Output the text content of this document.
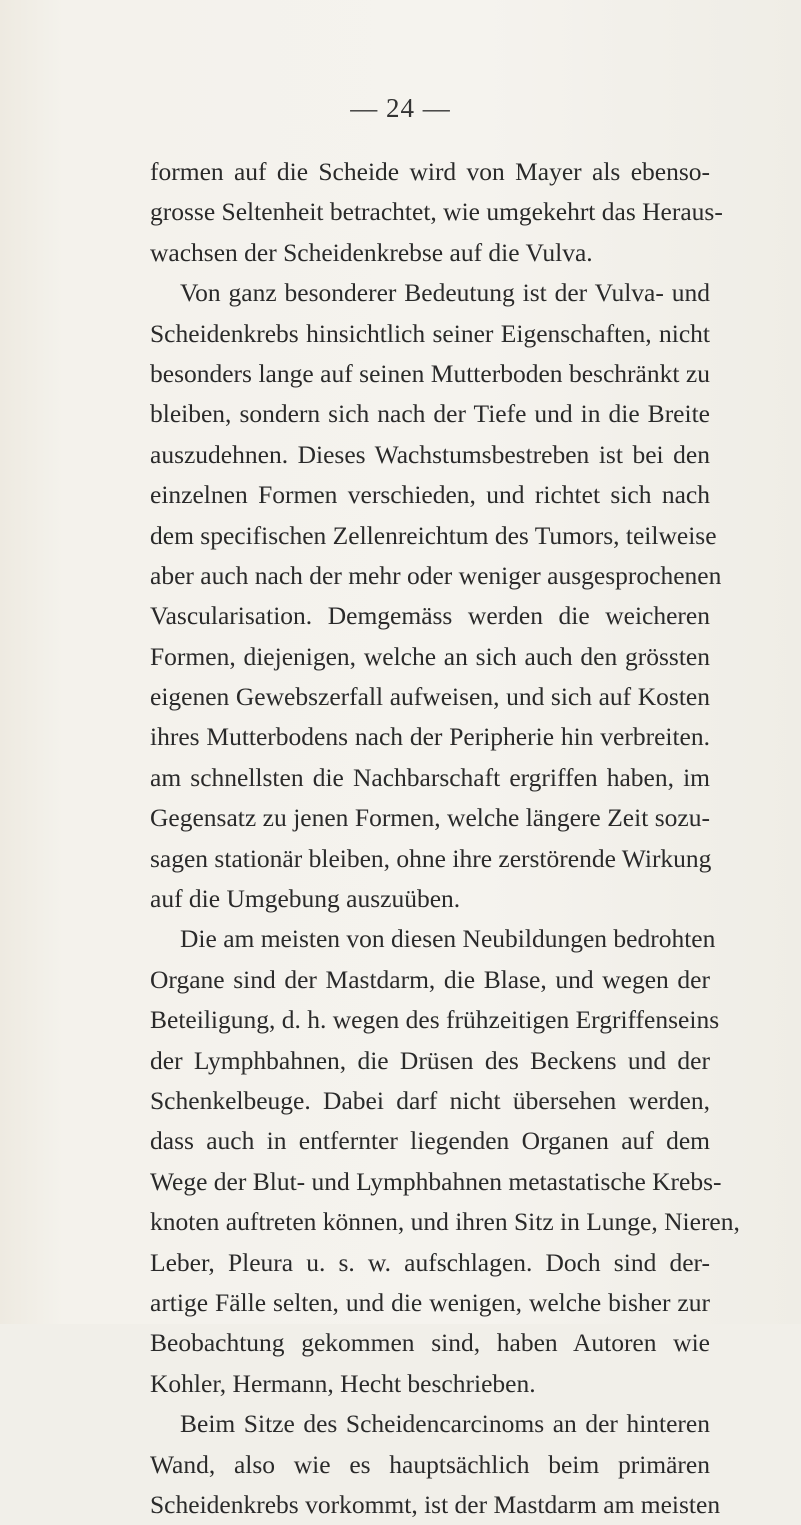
— 24 —
formen auf die Scheide wird von Mayer als ebenso-
grosse Seltenheit betrachtet, wie umgekehrt das Heraus-
wachsen der Scheidenkrebse auf die Vulva.
Von ganz besonderer Bedeutung ist der Vulva- und
Scheidenkrebs hinsichtlich seiner Eigenschaften, nicht
besonders lange auf seinen Mutterboden beschränkt zu
bleiben, sondern sich nach der Tiefe und in die Breite
auszudehnen. Dieses Wachstumsbestreben ist bei den
einzelnen Formen verschieden, und richtet sich nach
dem specifischen Zellenreichtum des Tumors, teilweise
aber auch nach der mehr oder weniger ausgesprochenen
Vascularisation. Demgemäss werden die weicheren
Formen, diejenigen, welche an sich auch den grössten
eigenen Gewebszerfall aufweisen, und sich auf Kosten
ihres Mutterbodens nach der Peripherie hin verbreiten.
am schnellsten die Nachbarschaft ergriffen haben, im
Gegensatz zu jenen Formen, welche längere Zeit sozu-
sagen stationär bleiben, ohne ihre zerstörende Wirkung
auf die Umgebung auszuüben.
Die am meisten von diesen Neubildungen bedrohten
Organe sind der Mastdarm, die Blase, und wegen der
Beteiligung, d. h. wegen des frühzeitigen Ergriffenseins
der Lymphbahnen, die Drüsen des Beckens und der
Schenkelbeuge. Dabei darf nicht übersehen werden,
dass auch in entfernter liegenden Organen auf dem
Wege der Blut- und Lymphbahnen metastatische Krebs-
knoten auftreten können, und ihren Sitz in Lunge, Nieren,
Leber, Pleura u. s. w. aufschlagen. Doch sind der-
artige Fälle selten, und die wenigen, welche bisher zur
Beobachtung gekommen sind, haben Autoren wie
Kohler, Hermann, Hecht beschrieben.
Beim Sitze des Scheidencarcinoms an der hinteren
Wand, also wie es hauptsächlich beim primären
Scheidenkrebs vorkommt, ist der Mastdarm am meisten
